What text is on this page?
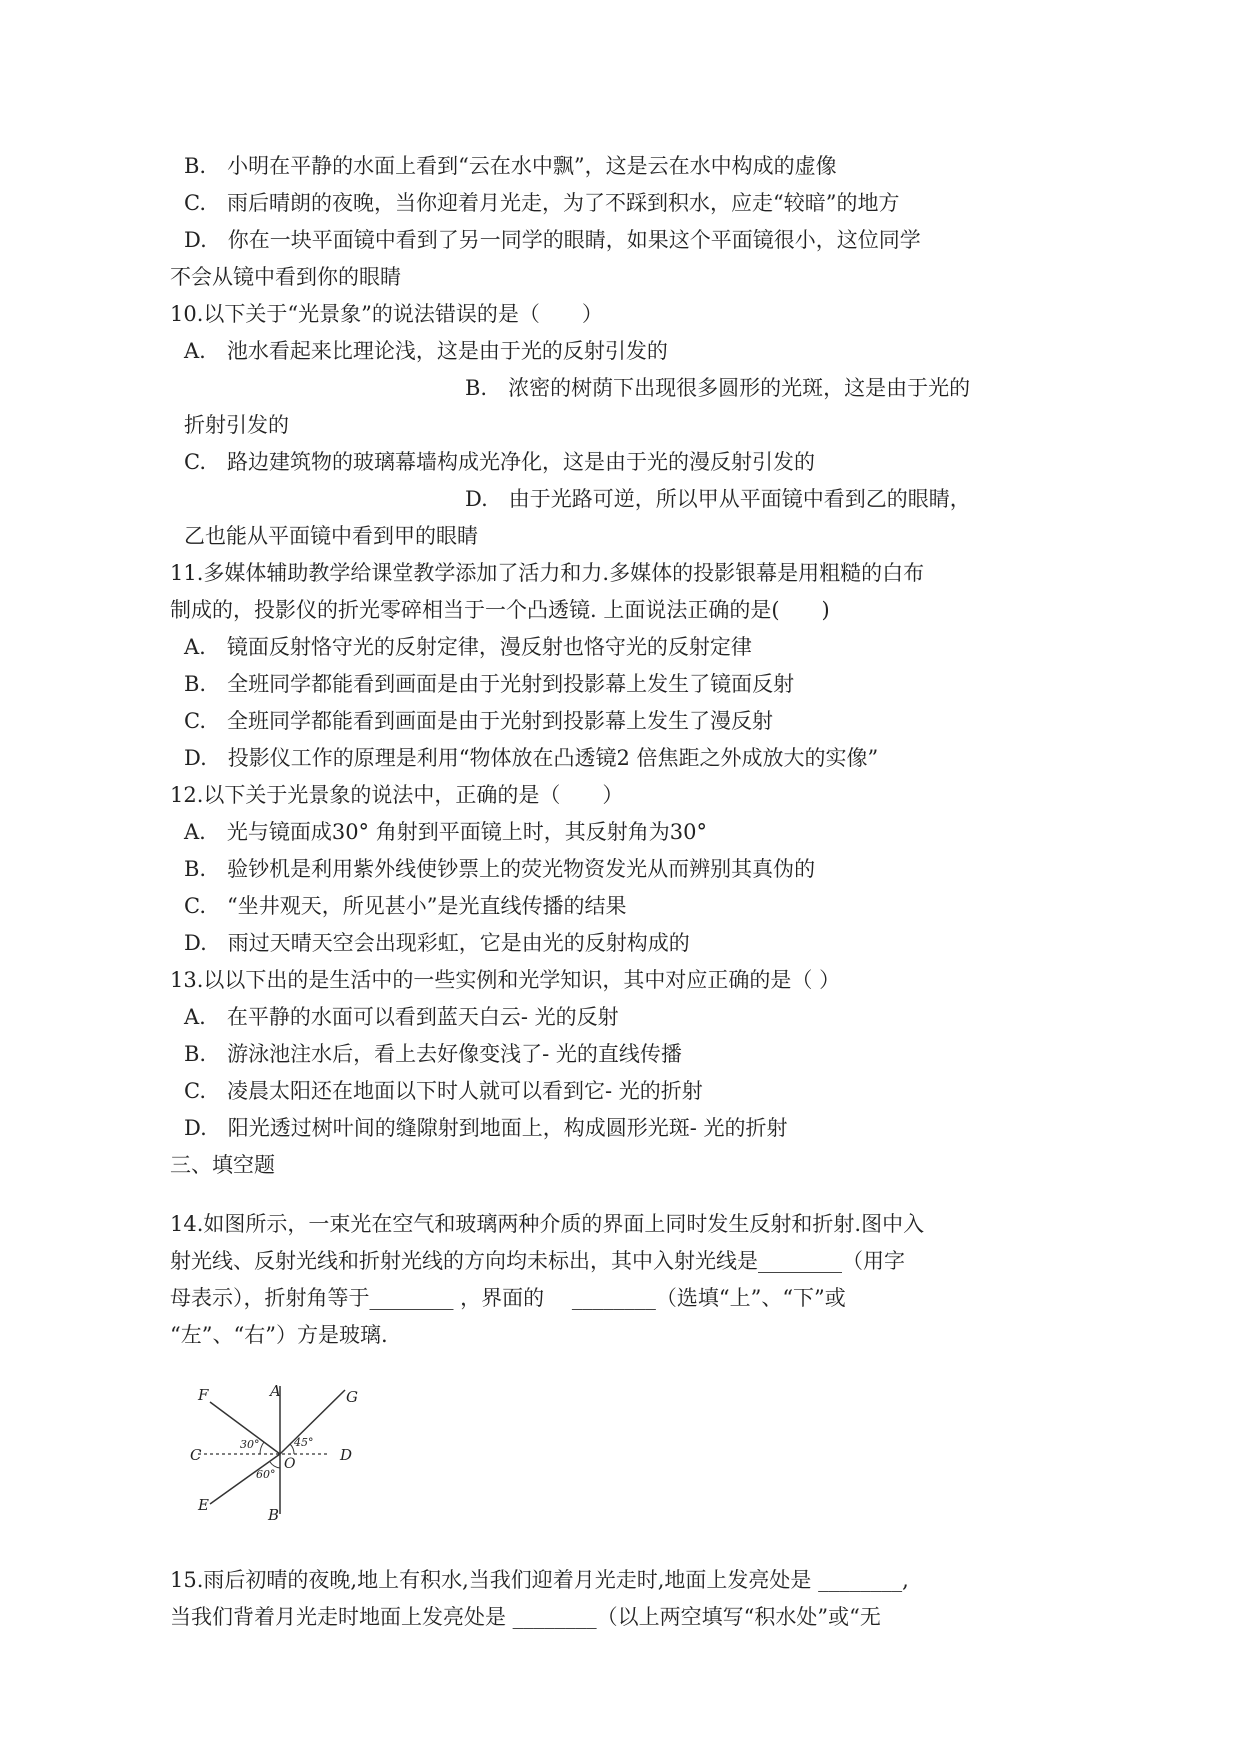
B.　小明在平静的水面上看到“云在水中飘”，这是云在水中构成的虚像
C.　雨后晴朗的夜晚，当你迎着月光走，为了不踩到积水，应走“较暗”的地方
D.　你在一块平面镜中看到了另一同学的眼睛，如果这个平面镜很小，这位同学
不会从镜中看到你的眼睛
10.以下关于“光景象”的说法错误的是（　　）
A.　池水看起来比理论浅，这是由于光的反射引发的
B.　浓密的树荫下出现很多圆形的光斑，这是由于光的
折射引发的
C.　路边建筑物的玻璃幕墙构成光净化，这是由于光的漫反射引发的
D.　由于光路可逆，所以甲从平面镜中看到乙的眼睛，
乙也能从平面镜中看到甲的眼睛
11.多媒体辅助教学给课堂教学添加了活力和力.多媒体的投影银幕是用粗糙的白布
制成的，投影仪的折光零碎相当于一个凸透镜. 上面说法正确的是(　　)
A.　镜面反射恪守光的反射定律，漫反射也恪守光的反射定律
B.　全班同学都能看到画面是由于光射到投影幕上发生了镜面反射
C.　全班同学都能看到画面是由于光射到投影幕上发生了漫反射
D.　投影仪工作的原理是利用“物体放在凸透镜2 倍焦距之外成放大的实像”
12.以下关于光景象的说法中，正确的是（　　）
A.　光与镜面成30° 角射到平面镜上时，其反射角为30°
B.　验钞机是利用紫外线使钞票上的荧光物资发光从而辨别其真伪的
C.　“坐井观天，所见甚小”是光直线传播的结果
D.　雨过天晴天空会出现彩虹，它是由光的反射构成的
13.以以下出的是生活中的一些实例和光学知识，其中对应正确的是（ ）
A.　在平静的水面可以看到蓝天白云- 光的反射
B.　游泳池注水后，看上去好像变浅了- 光的直线传播
C.　凌晨太阳还在地面以下时人就可以看到它- 光的折射
D.　阳光透过树叶间的缝隙射到地面上，构成圆形光斑- 光的折射
三、填空题
14.如图所示，一束光在空气和玻璃两种介质的界面上同时发生反射和折射.图中入
射光线、反射光线和折射光线的方向均未标出，其中入射光线是________（用字
母表示），折射角等于________ ，界面的　 ________（选填“上”、“下”或
“左”、“右”）方是玻璃.
F	A	G
C	O	D
E
B
30°	45°
60°
15.雨后初晴的夜晚,地上有积水,当我们迎着月光走时,地面上发亮处是 ________,
当我们背着月光走时地面上发亮处是 ________（以上两空填写“积水处”或“无
